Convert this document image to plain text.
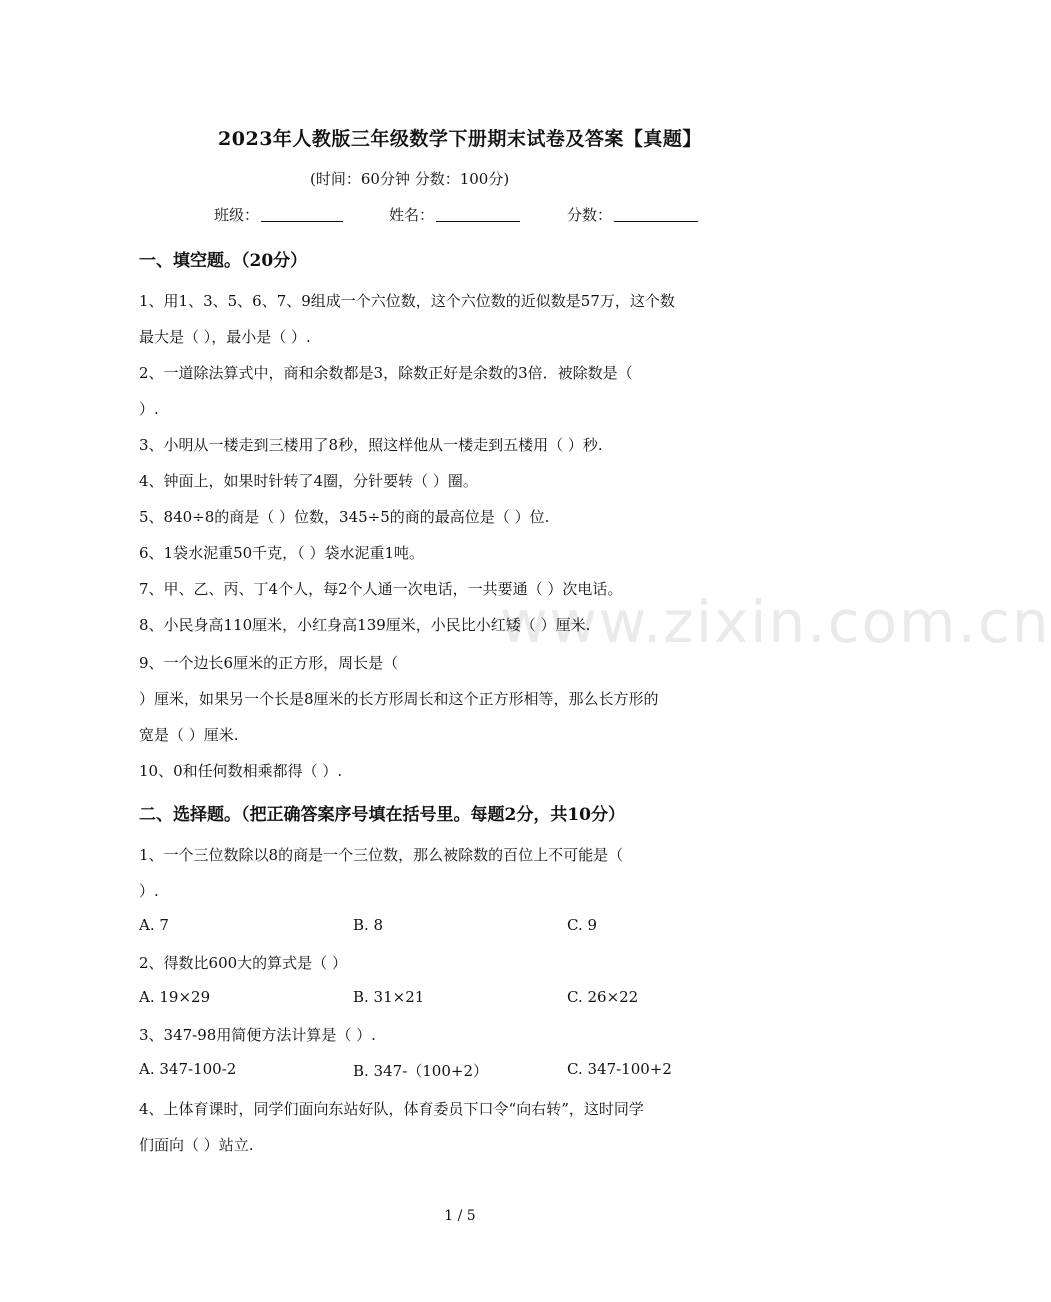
www.zixin.com.cn
2023年人教版三年级数学下册期末试卷及答案【真题】
(时间：60分钟 分数：100分)
班级：	姓名：	分数：
一、填空题。（20分）
1、用1、3、5、6、7、9组成一个六位数，这个六位数的近似数是57万，这个数
最大是（ ），最小是（ ）.
2、一道除法算式中，商和余数都是3，除数正好是余数的3倍．被除数是（
）.
3、小明从一楼走到三楼用了8秒，照这样他从一楼走到五楼用（ ）秒.
4、钟面上，如果时针转了4圈，分针要转（ ）圈。
5、840÷8的商是（ ）位数，345÷5的商的最高位是（ ）位.
6、1袋水泥重50千克，（ ）袋水泥重1吨。
7、甲、乙、丙、丁4个人，每2个人通一次电话，一共要通（ ）次电话。
8、小民身高110厘米，小红身高139厘米，小民比小红矮（ ）厘米.
9、一个边长6厘米的正方形，周长是（
）厘米，如果另一个长是8厘米的长方形周长和这个正方形相等，那么长方形的
宽是（ ）厘米.
10、0和任何数相乘都得（ ）.
二、选择题。（把正确答案序号填在括号里。每题2分，共10分）
1、一个三位数除以8的商是一个三位数，那么被除数的百位上不可能是（
）.
A. 7	B. 8	C. 9
2、得数比600大的算式是（ ）
A. 19×29	B. 31×21	C. 26×22
3、347-98用简便方法计算是（ ）.
A. 347-100-2	B. 347-（100+2）	C. 347-100+2
4、上体育课时，同学们面向东站好队，体育委员下口令“向右转”，这时同学
们面向（ ）站立.
1 / 5
